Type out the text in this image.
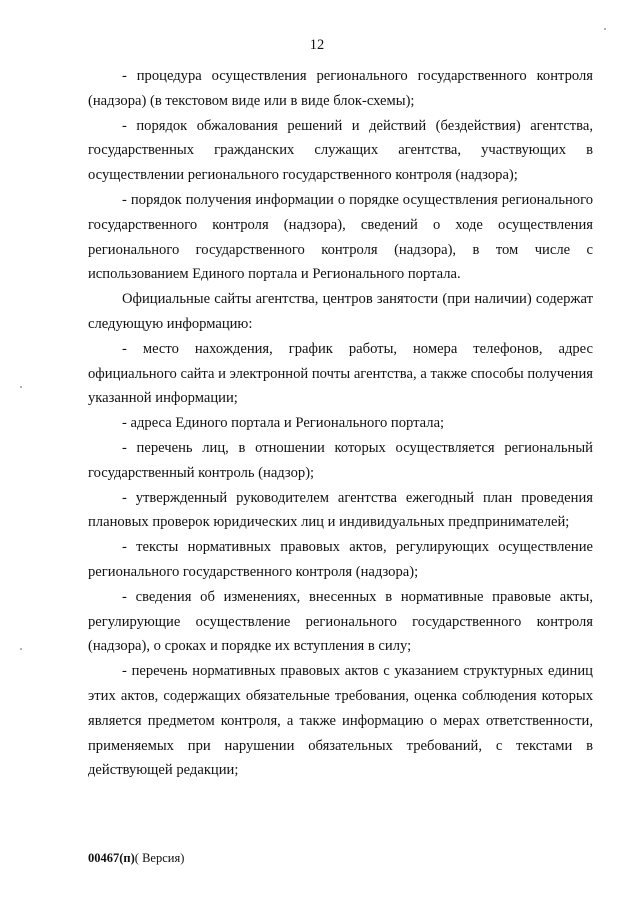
12

- процедура осуществления регионального государственного контроля (надзора) (в текстовом виде или в виде блок-схемы);

- порядок обжалования решений и действий (бездействия) агентства, государственных гражданских служащих агентства, участвующих в осуществлении регионального государственного контроля (надзора);

- порядок получения информации о порядке осуществления регионального государственного контроля (надзора), сведений о ходе осуществления регионального государственного контроля (надзора), в том числе с использованием Единого портала и Регионального портала.

Официальные сайты агентства, центров занятости (при наличии) содержат следующую информацию:

- место нахождения, график работы, номера телефонов, адрес официального сайта и электронной почты агентства, а также способы получения указанной информации;

- адреса Единого портала и Регионального портала;

- перечень лиц, в отношении которых осуществляется региональный государственный контроль (надзор);

- утвержденный руководителем агентства ежегодный план проведения плановых проверок юридических лиц и индивидуальных предпринимателей;

- тексты нормативных правовых актов, регулирующих осуществление регионального государственного контроля (надзора);

- сведения об изменениях, внесенных в нормативные правовые акты, регулирующие осуществление регионального государственного контроля (надзора), о сроках и порядке их вступления в силу;

- перечень нормативных правовых актов с указанием структурных единиц этих актов, содержащих обязательные требования, оценка соблюдения которых является предметом контроля, а также информацию о мерах ответственности, применяемых при нарушении обязательных требований, с текстами в действующей редакции;

00467(п)( Версия)
